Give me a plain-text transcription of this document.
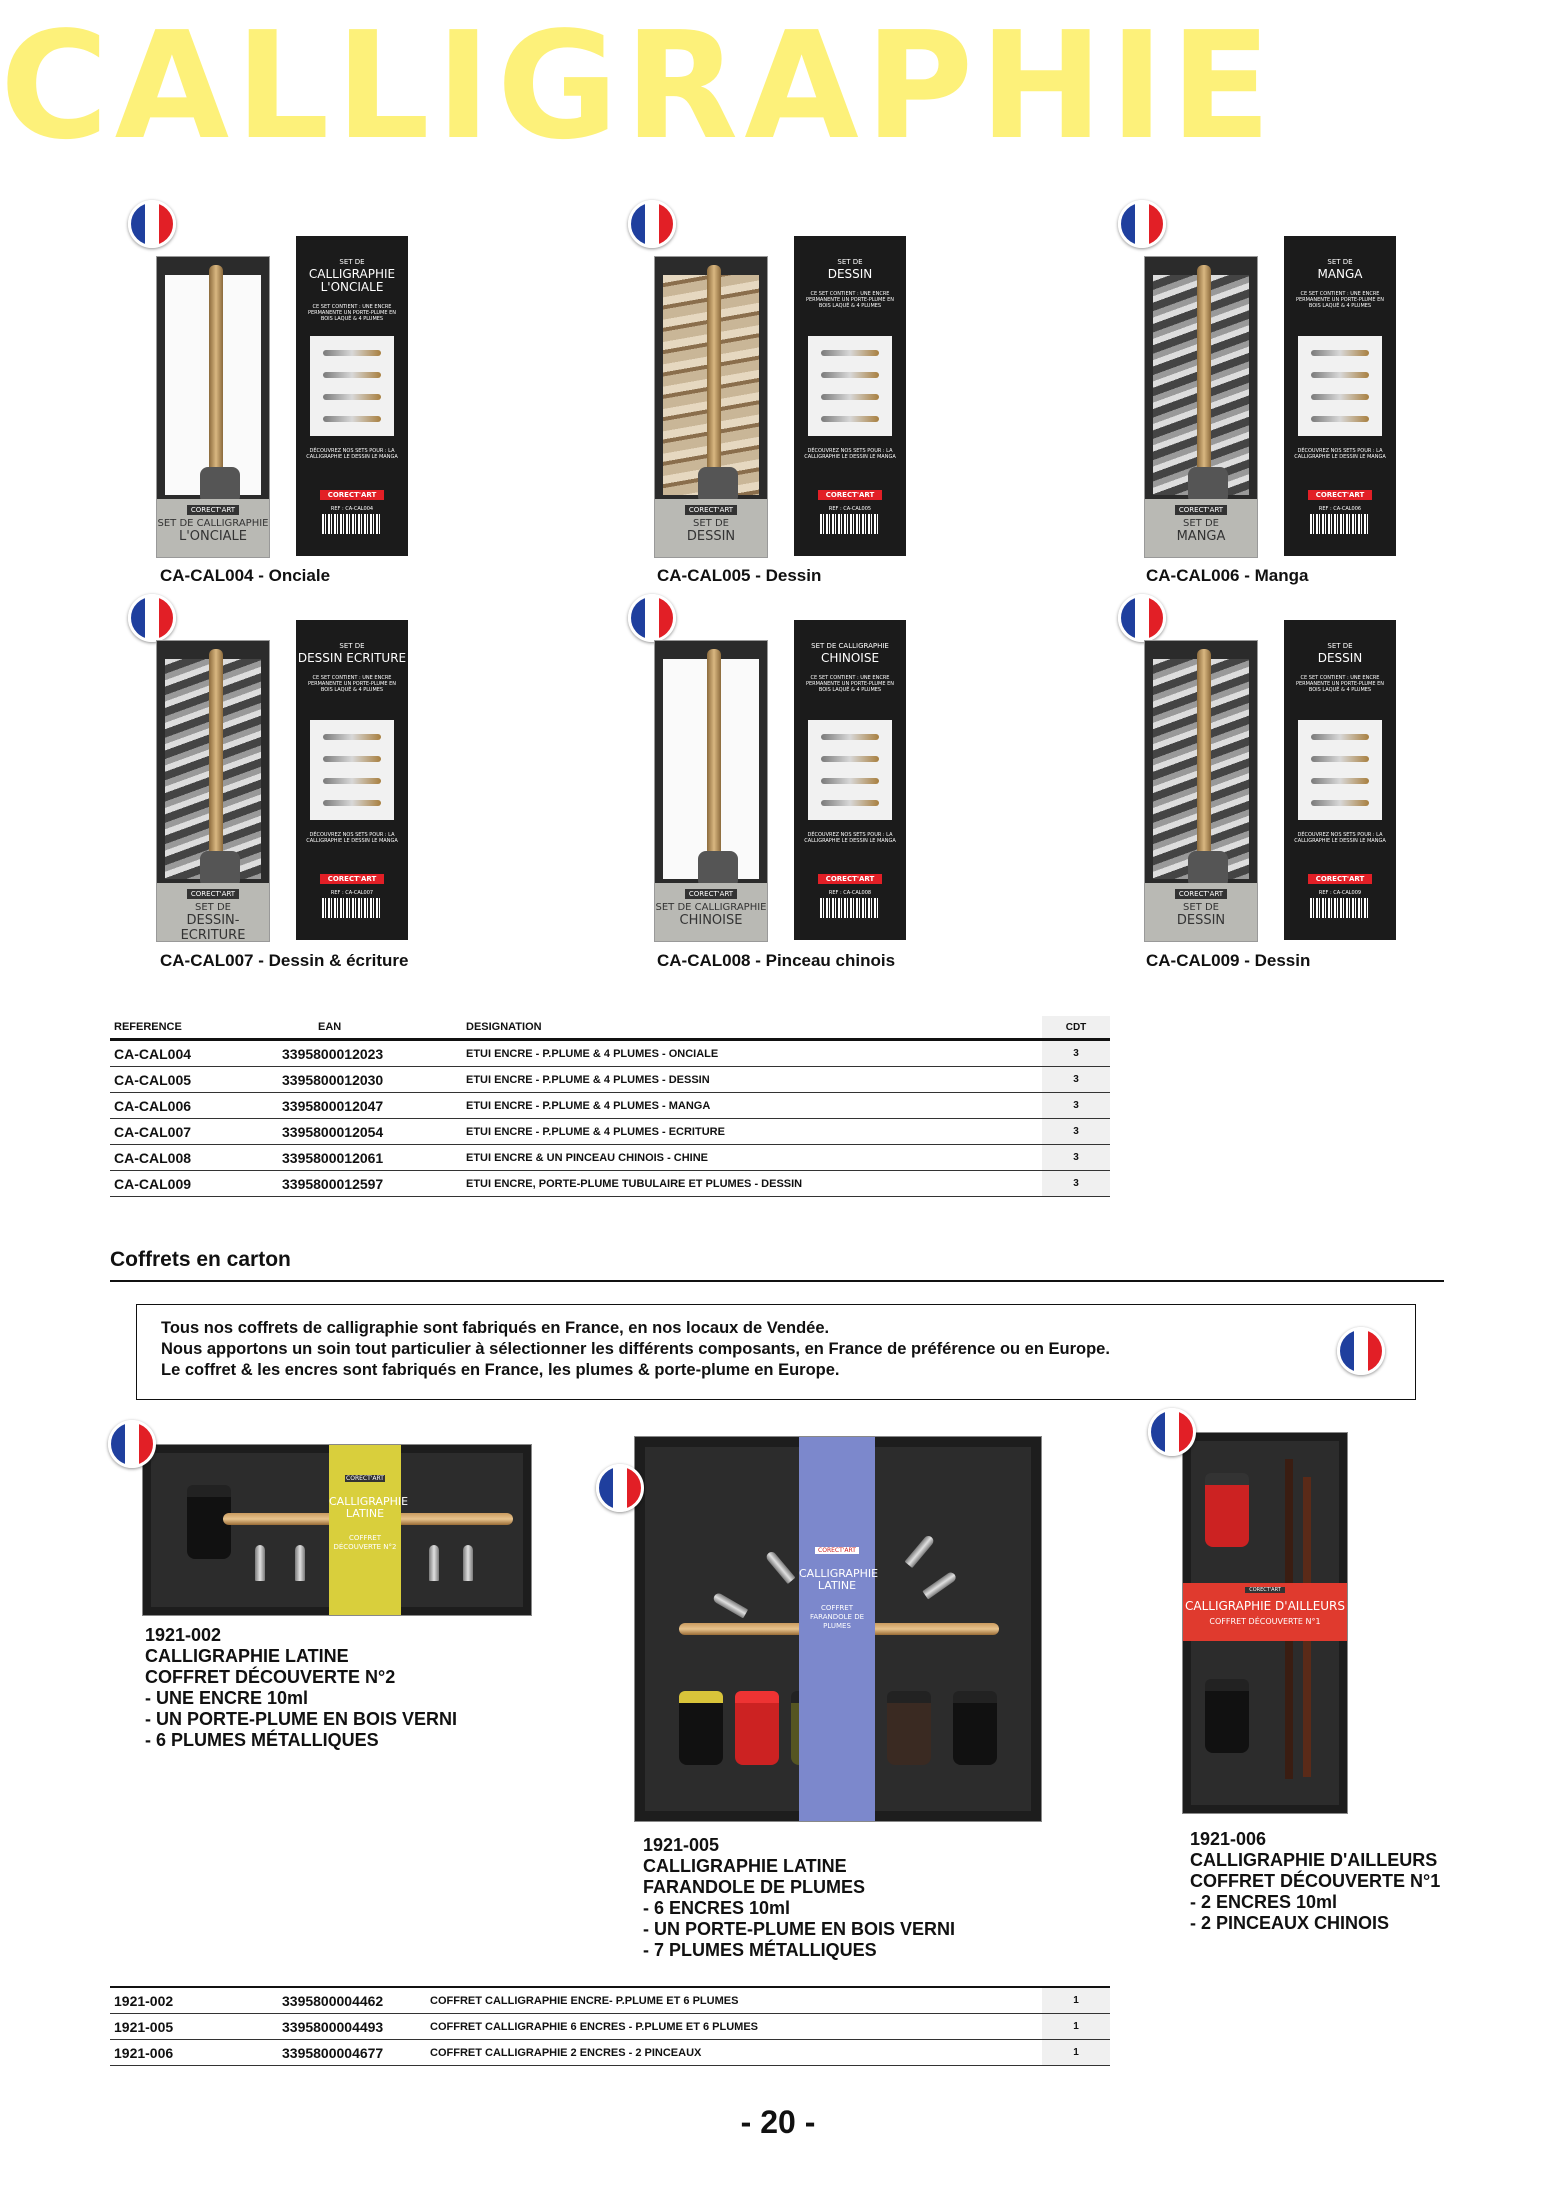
CALLIGRAPHIE
CORECT'ART
SET DE CALLIGRAPHIE
L'ONCIALE
SET DE
CALLIGRAPHIE L'ONCIALE
CE SET CONTIENT : UNE ENCRE PERMANENTE UN PORTE-PLUME EN BOIS LAQUÉ & 4 PLUMES
DÉCOUVREZ NOS SETS POUR : LA CALLIGRAPHIE LE DESSIN LE MANGA
CORECT'ART
REF : CA-CAL004
CA-CAL004 - Onciale
CORECT'ART
SET DE
DESSIN
SET DE
DESSIN
CE SET CONTIENT : UNE ENCRE PERMANENTE UN PORTE-PLUME EN BOIS LAQUÉ & 4 PLUMES
DÉCOUVREZ NOS SETS POUR : LA CALLIGRAPHIE LE DESSIN LE MANGA
CORECT'ART
REF : CA-CAL005
CA-CAL005 - Dessin
CORECT'ART
SET DE
MANGA
SET DE
MANGA
CE SET CONTIENT : UNE ENCRE PERMANENTE UN PORTE-PLUME EN BOIS LAQUÉ & 4 PLUMES
DÉCOUVREZ NOS SETS POUR : LA CALLIGRAPHIE LE DESSIN LE MANGA
CORECT'ART
REF : CA-CAL006
CA-CAL006 - Manga
CORECT'ART
SET DE
DESSIN-ECRITURE
SET DE
DESSIN ECRITURE
CE SET CONTIENT : UNE ENCRE PERMANENTE UN PORTE-PLUME EN BOIS LAQUÉ & 4 PLUMES
DÉCOUVREZ NOS SETS POUR : LA CALLIGRAPHIE LE DESSIN LE MANGA
CORECT'ART
REF : CA-CAL007
CA-CAL007 - Dessin & écriture
CORECT'ART
SET DE CALLIGRAPHIE
CHINOISE
SET DE CALLIGRAPHIE
CHINOISE
CE SET CONTIENT : UNE ENCRE PERMANENTE UN PORTE-PLUME EN BOIS LAQUÉ & 4 PLUMES
DÉCOUVREZ NOS SETS POUR : LA CALLIGRAPHIE LE DESSIN LE MANGA
CORECT'ART
REF : CA-CAL008
CA-CAL008 - Pinceau chinois
CORECT'ART
SET DE
DESSIN
SET DE
DESSIN
CE SET CONTIENT : UNE ENCRE PERMANENTE UN PORTE-PLUME EN BOIS LAQUÉ & 4 PLUMES
DÉCOUVREZ NOS SETS POUR : LA CALLIGRAPHIE LE DESSIN LE MANGA
CORECT'ART
REF : CA-CAL009
CA-CAL009 - Dessin
REFERENCE	EAN	DESIGNATION	CDT
CA-CAL004	3395800012023	ETUI ENCRE - P.PLUME & 4 PLUMES - ONCIALE	3
CA-CAL005	3395800012030	ETUI ENCRE - P.PLUME & 4 PLUMES - DESSIN	3
CA-CAL006	3395800012047	ETUI ENCRE - P.PLUME & 4 PLUMES - MANGA	3
CA-CAL007	3395800012054	ETUI ENCRE - P.PLUME & 4 PLUMES - ECRITURE	3
CA-CAL008	3395800012061	ETUI ENCRE & UN PINCEAU CHINOIS - CHINE	3
CA-CAL009	3395800012597	ETUI ENCRE, PORTE-PLUME TUBULAIRE ET PLUMES - DESSIN	3
Coffrets en carton
Tous nos coffrets de calligraphie sont fabriqués en France, en nos locaux de Vendée.
Nous apportons un soin tout particulier à sélectionner les différents composants, en France de préférence ou en Europe.
Le coffret & les encres sont fabriqués en France, les plumes & porte-plume en Europe.
CORECT'ART
CALLIGRAPHIE LATINE
COFFRET DÉCOUVERTE N°2
1921-002
CALLIGRAPHIE LATINE
COFFRET DÉCOUVERTE N°2
- UNE ENCRE 10ml
- UN PORTE-PLUME EN BOIS VERNI
- 6 PLUMES MÉTALLIQUES
CORECT'ART
CALLIGRAPHIE LATINE
COFFRET FARANDOLE DE PLUMES
1921-005
CALLIGRAPHIE LATINE
FARANDOLE DE PLUMES
- 6 ENCRES 10ml
- UN PORTE-PLUME EN BOIS VERNI
- 7 PLUMES MÉTALLIQUES
CORECT'ART
CALLIGRAPHIE D'AILLEURS
COFFRET DÉCOUVERTE N°1
1921-006
CALLIGRAPHIE D'AILLEURS
COFFRET DÉCOUVERTE N°1
- 2 ENCRES 10ml
- 2 PINCEAUX CHINOIS
1921-002	3395800004462	COFFRET CALLIGRAPHIE ENCRE- P.PLUME ET 6 PLUMES	1
1921-005	3395800004493	COFFRET CALLIGRAPHIE 6 ENCRES - P.PLUME ET 6 PLUMES	1
1921-006	3395800004677	COFFRET CALLIGRAPHIE 2 ENCRES - 2 PINCEAUX	1
- 20 -
